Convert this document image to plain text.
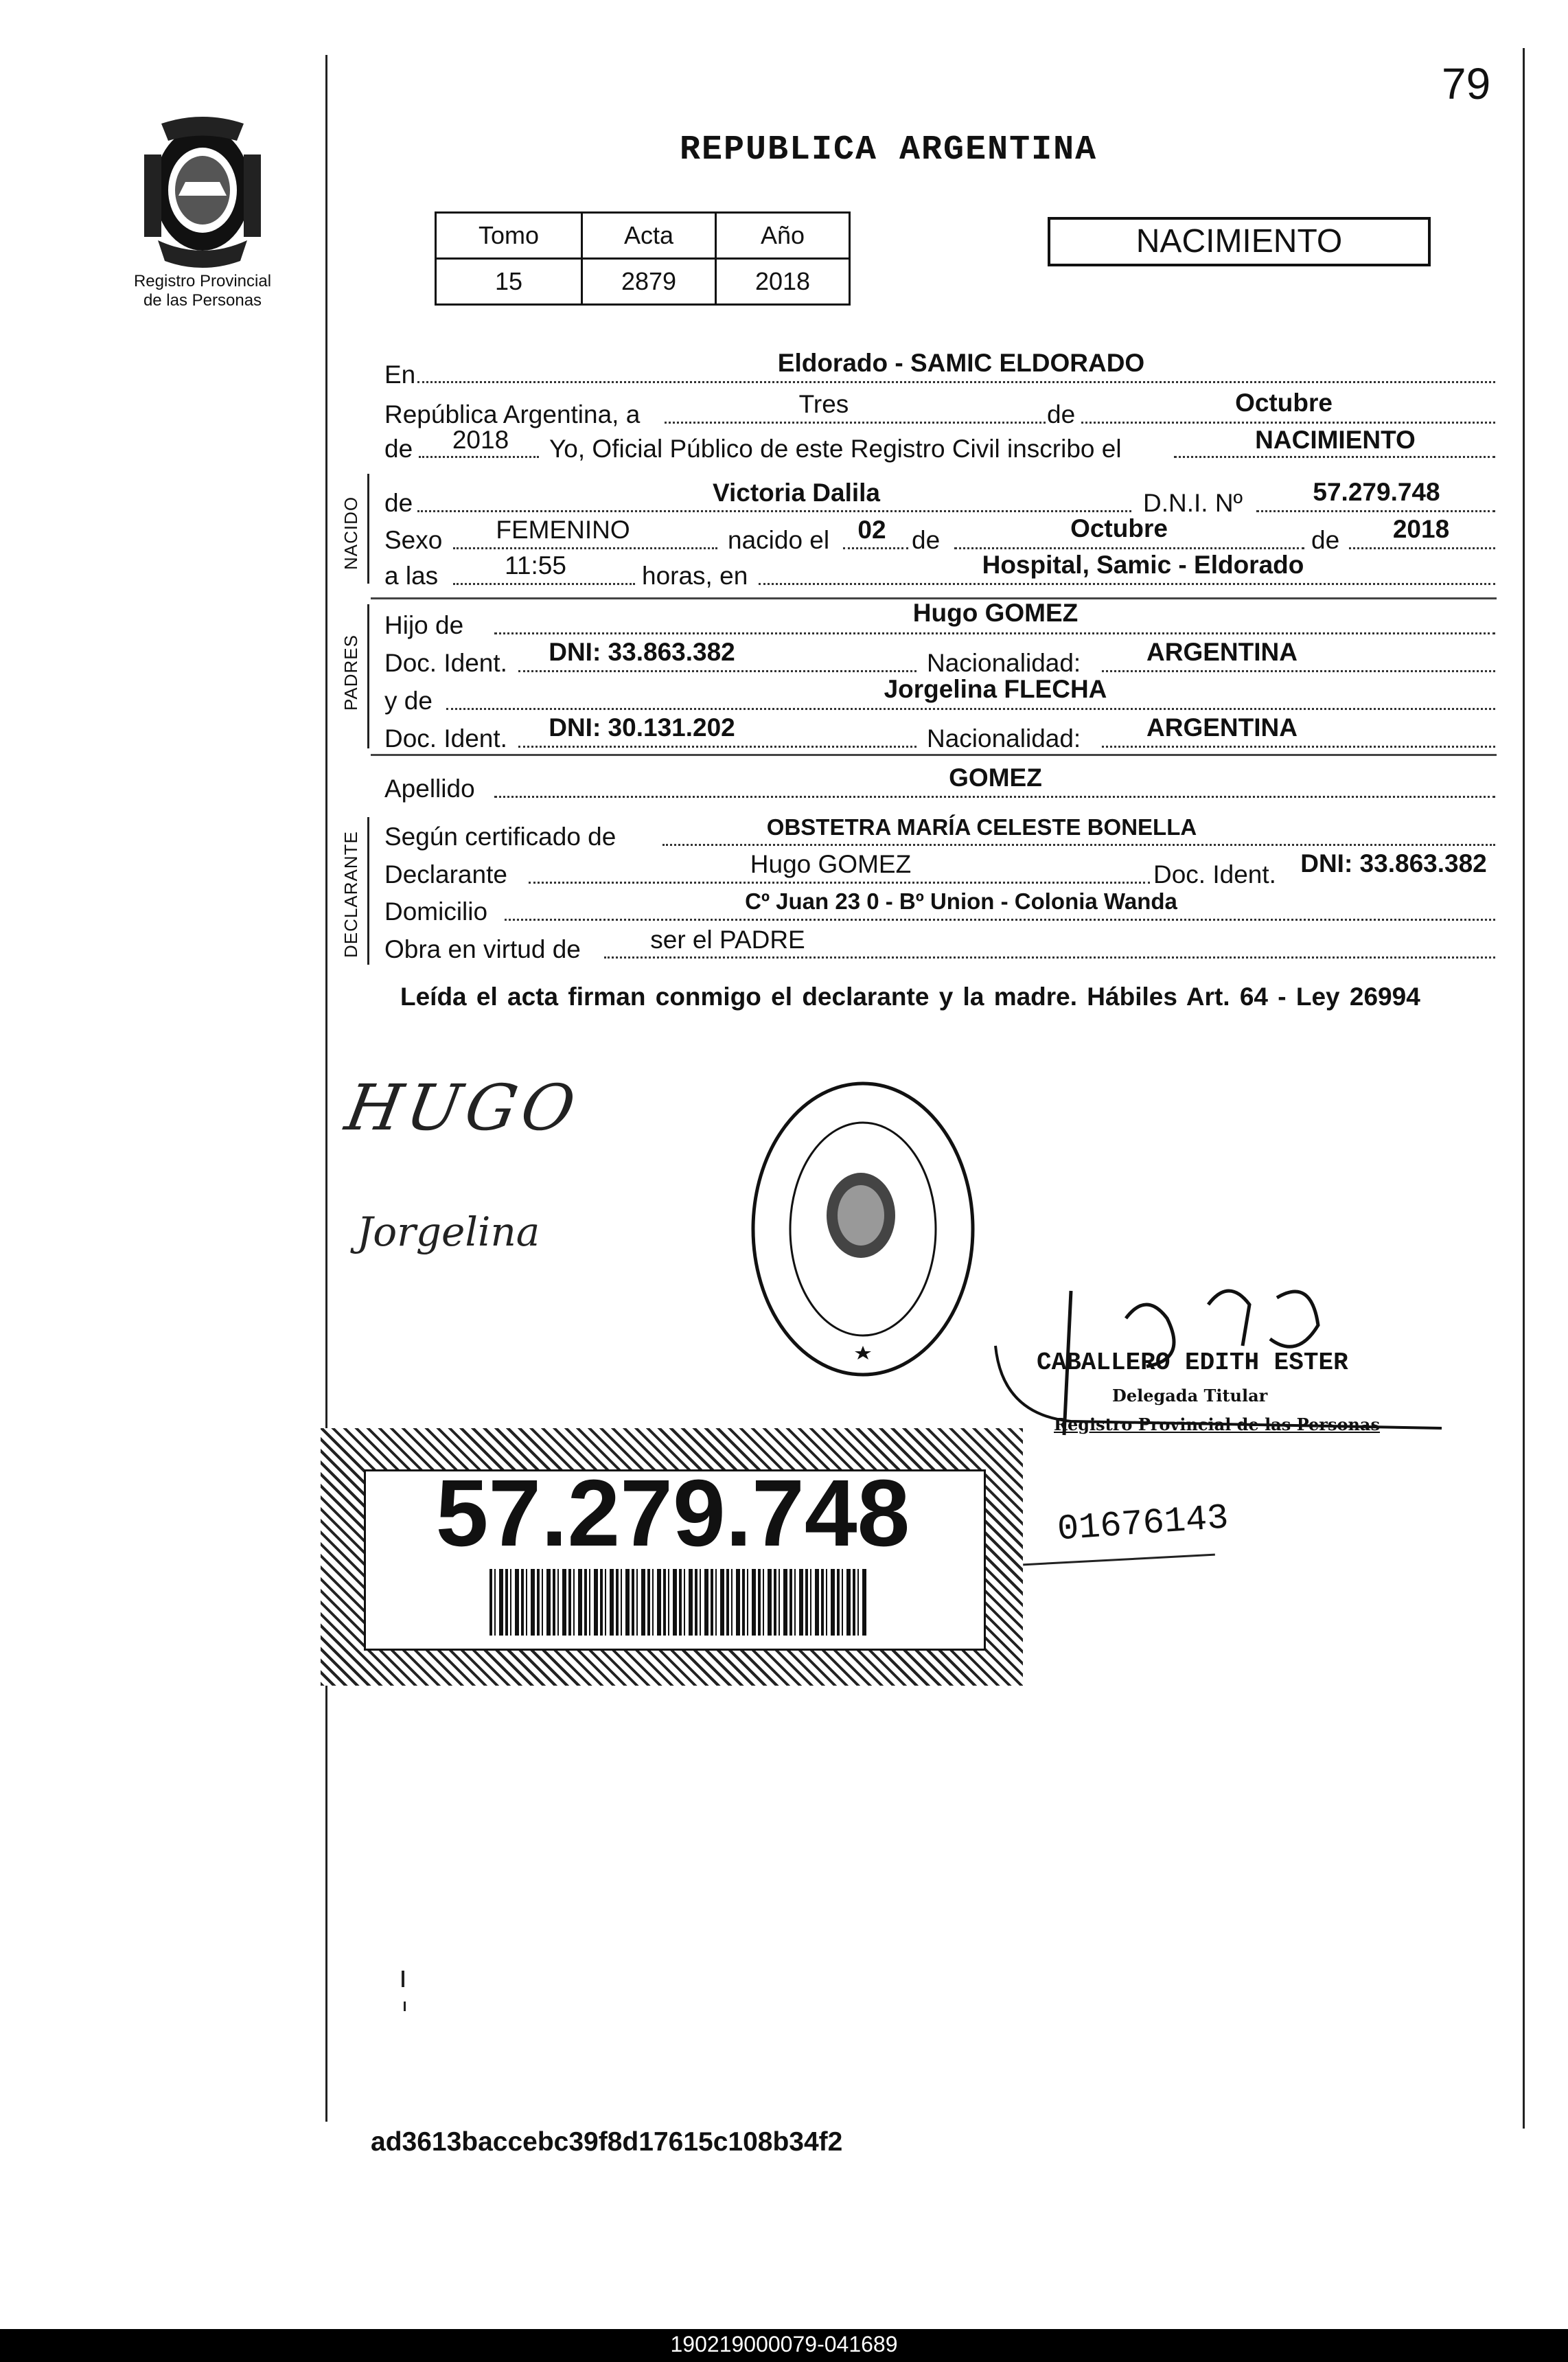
79
Registro Provincial
de las Personas
REPUBLICA ARGENTINA
Tomo	Acta	Año
15	2879	2018
NACIMIENTO
En	Eldorado - SAMIC ELDORADO
República Argentina, a	Tres	de	Octubre
de	2018	Yo, Oficial Público de este Registro Civil inscribo el	NACIMIENTO
NACIDO de	Victoria Dalila	D.N.I. Nº	57.279.748
Sexo	FEMENINO	nacido el	02	de	Octubre	de	2018
a las	11:55	horas, en	Hospital, Samic - Eldorado
PADRES
Hijo de	Hugo GOMEZ
Doc. Ident.	DNI: 33.863.382	Nacionalidad:	ARGENTINA
y de	Jorgelina FLECHA
Doc. Ident.	DNI: 30.131.202	Nacionalidad:	ARGENTINA
Apellido	GOMEZ
DECLARANTE Según certificado de	OBSTETRA MARÍA CELESTE BONELLA
Declarante	Hugo GOMEZ	Doc. Ident. DNI: 33.863.382
Domicilio	Cº Juan 23 0 - Bº Union - Colonia Wanda
Obra en virtud de	ser el PADRE
Leída el acta firman conmigo el declarante y la madre. Hábiles Art. 64 - Ley 26994
HUGO
Jorgelina
CABALLERO EDITH ESTER
Delegada Titular
Registro Provincial de las Personas
57.279.748	01676143
ad3613baccebc39f8d17615c108b34f2
190219000079-041689
